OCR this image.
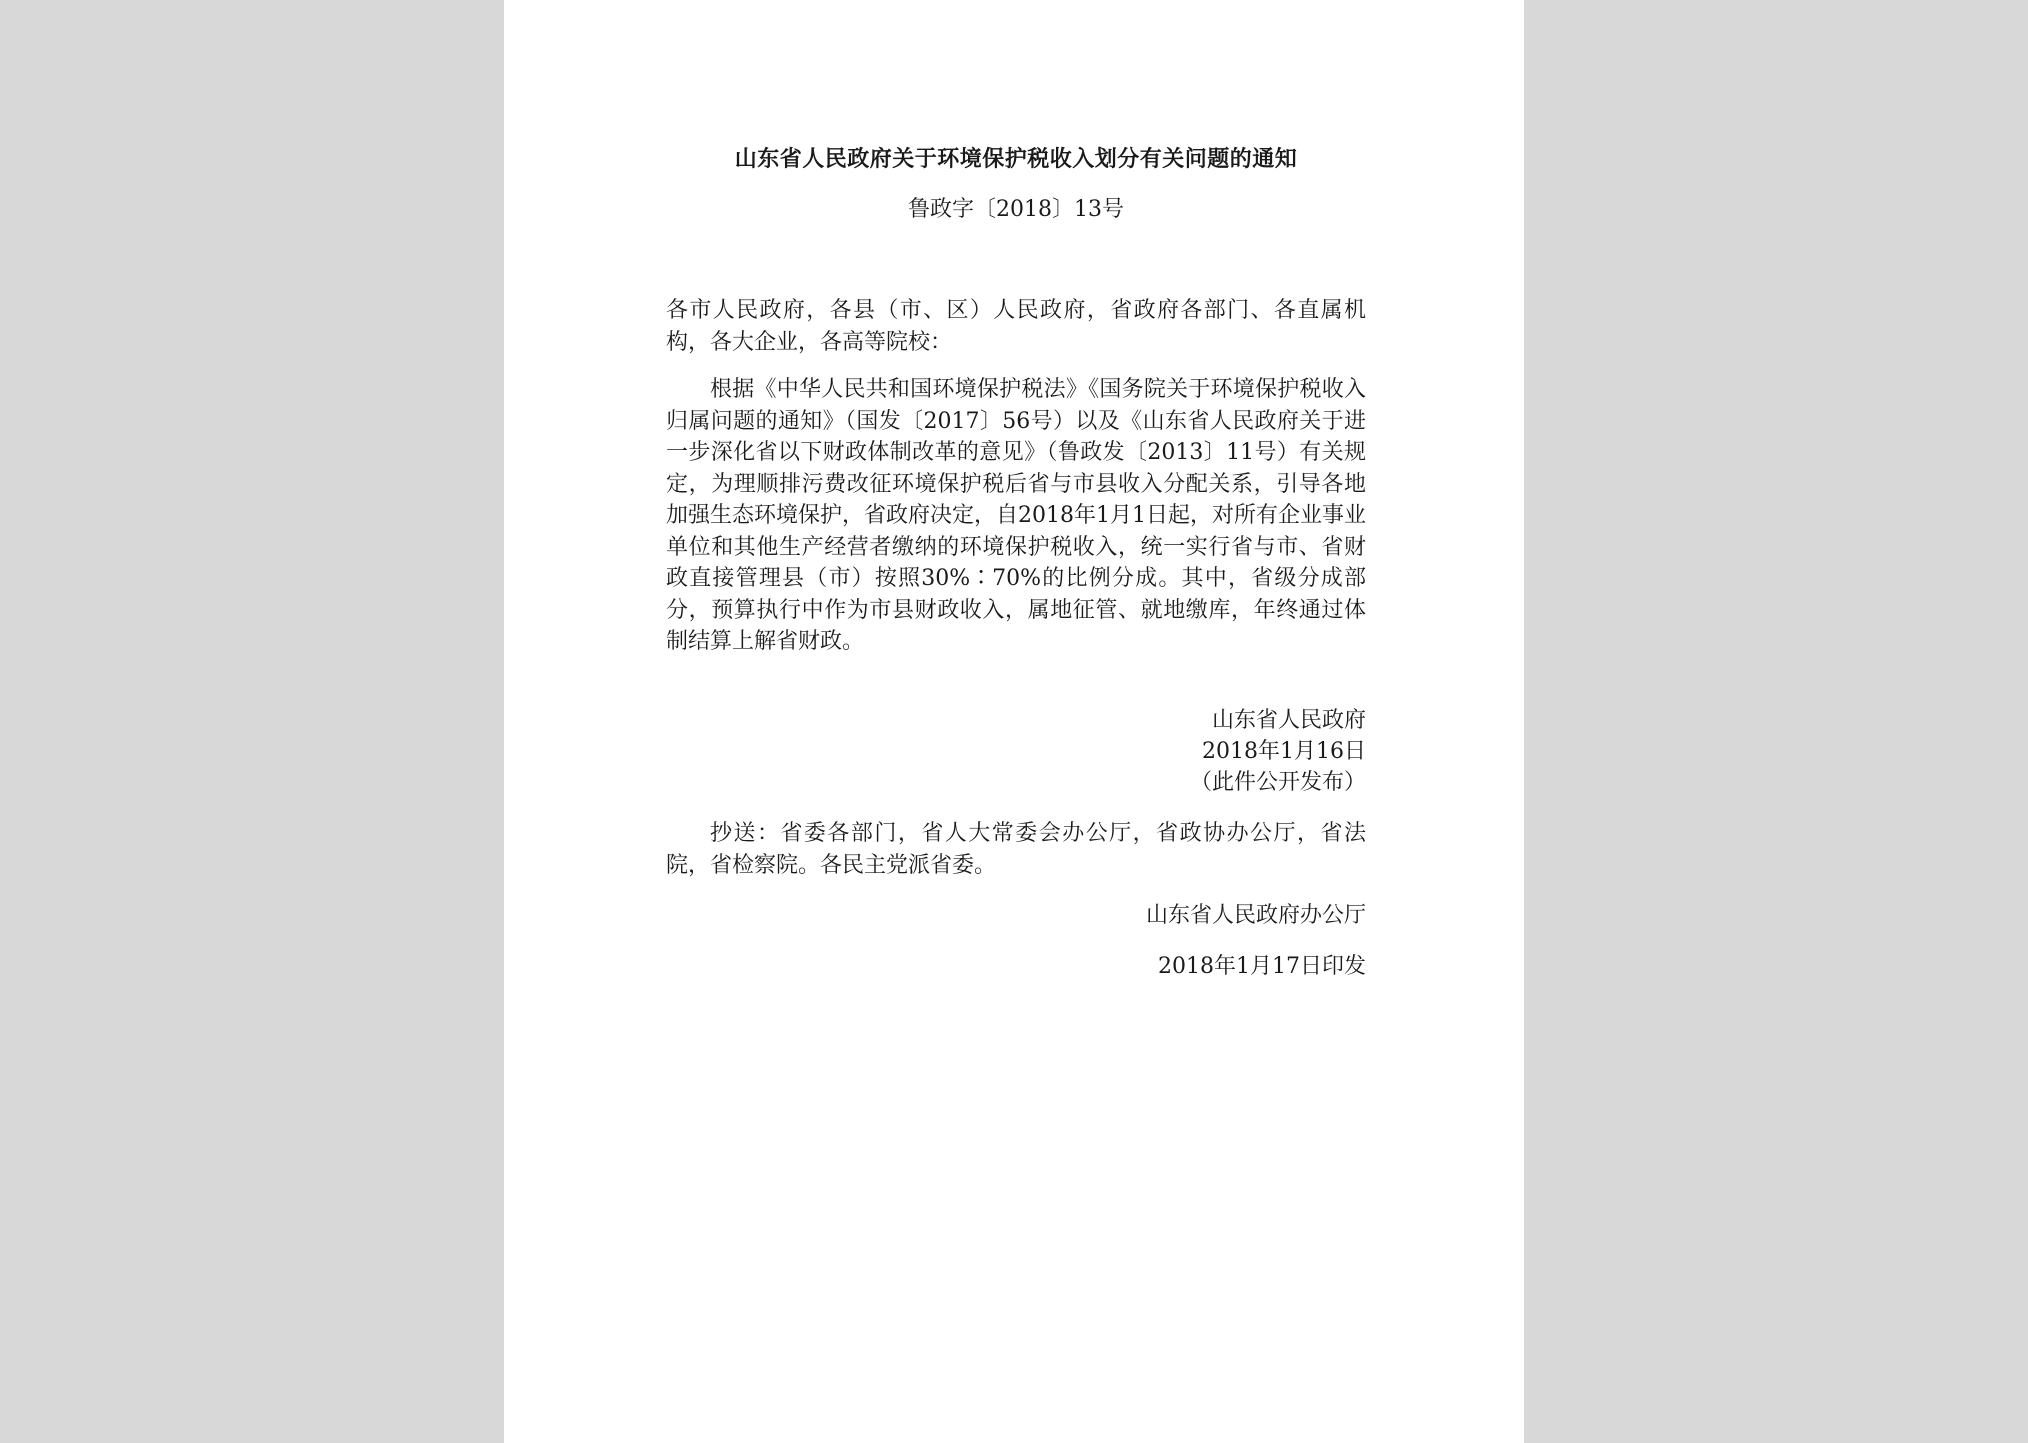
山东省人民政府关于环境保护税收入划分有关问题的通知

鲁政字〔2018〕13号

各市人民政府，各县（市、区）人民政府，省政府各部门、各直属机构，各大企业，各高等院校：

根据《中华人民共和国环境保护税法》《国务院关于环境保护税收入归属问题的通知》（国发〔2017〕56号）以及《山东省人民政府关于进一步深化省以下财政体制改革的意见》（鲁政发〔2013〕11号）有关规定，为理顺排污费改征环境保护税后省与市县收入分配关系，引导各地加强生态环境保护，省政府决定，自2018年1月1日起，对所有企业事业单位和其他生产经营者缴纳的环境保护税收入，统一实行省与市、省财政直接管理县（市）按照30%∶70%的比例分成。其中，省级分成部分，预算执行中作为市县财政收入，属地征管、就地缴库，年终通过体制结算上解省财政。

山东省人民政府

2018年1月16日

（此件公开发布）

抄送：省委各部门，省人大常委会办公厅，省政协办公厅，省法院，省检察院。各民主党派省委。

山东省人民政府办公厅

2018年1月17日印发
